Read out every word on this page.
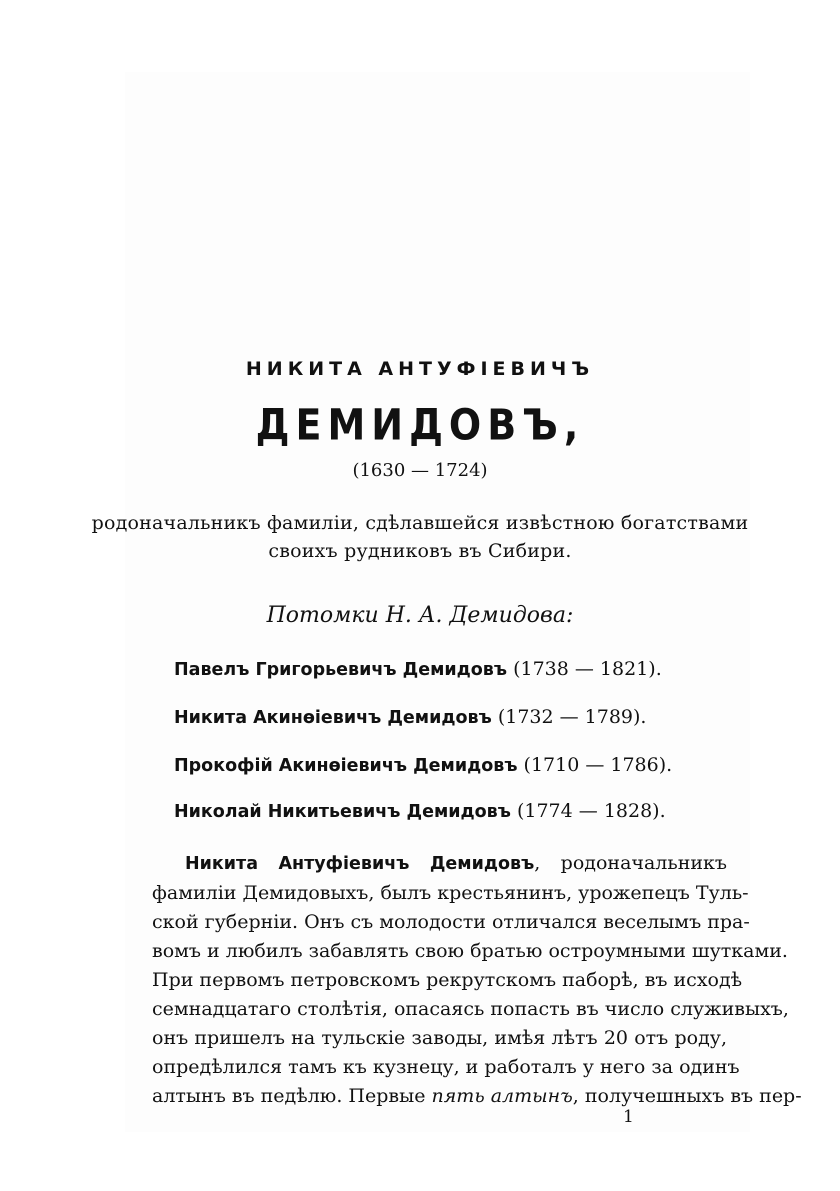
НИКИТА АНТУФІЕВИЧЪ
ДЕМИДОВЪ,
(1630 — 1724)
родоначальникъ фамиліи, сдѣлавшейся извѣстною богатствами
своихъ рудниковъ въ Сибири.
Потомки Н. А. Демидова:
Павелъ Григорьевичъ Демидовъ (1738 — 1821).
Никита Акинѳіевичъ Демидовъ (1732 — 1789).
Прокофій Акинѳіевичъ Демидовъ (1710 — 1786).
Николай Никитьевичъ Демидовъ (1774 — 1828).
Никита Антуфіевичъ Демидовъ, родоначальникъ
фамиліи Демидовыхъ, былъ крестьянинъ, урожепецъ Туль-
ской губерніи. Онъ съ молодости отличался веселымъ пра-
вомъ и любилъ забавлять свою братью остроумными шутками.
При первомъ петровскомъ рекрутскомъ паборѣ, въ исходѣ
семнадцатаго столѣтія, опасаясь попасть въ число служивыхъ,
онъ пришелъ на тульскіе заводы, имѣя лѣтъ 20 отъ роду,
опредѣлился тамъ къ кузнецу, и работалъ у него за одинъ
алтынъ въ педѣлю. Первые пять алтынъ, получешныхъ въ пер-
1
